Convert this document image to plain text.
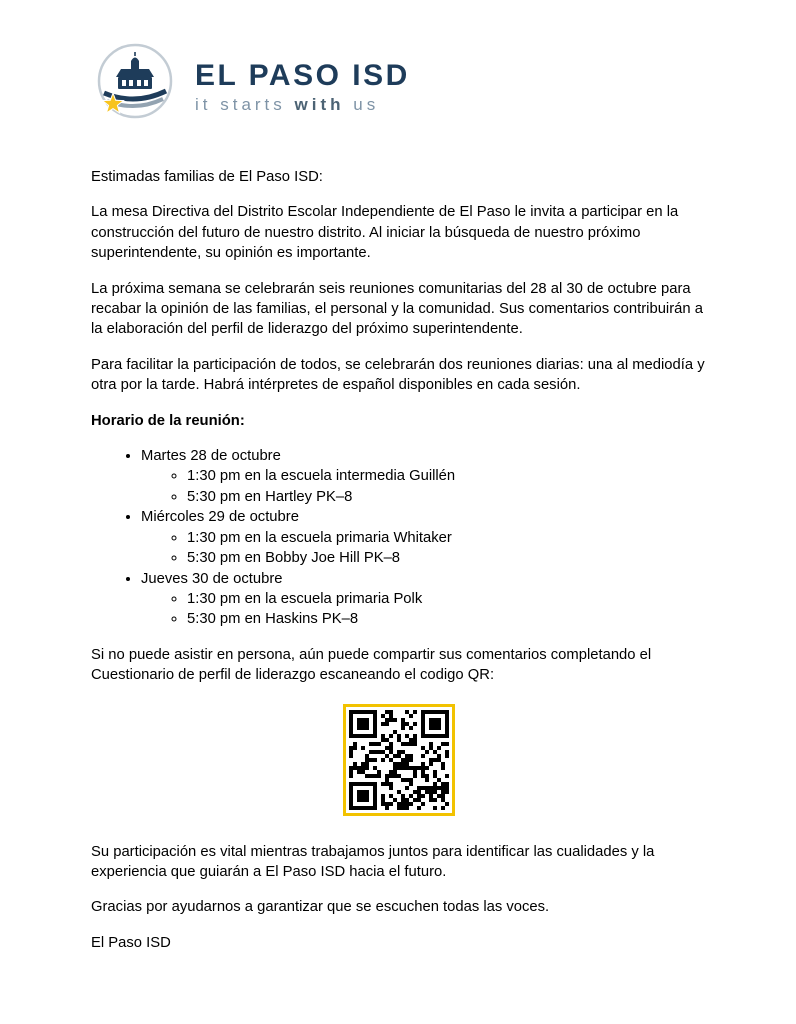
EL PASO ISD
it starts with us

Estimadas familias de El Paso ISD:

La mesa Directiva del Distrito Escolar Independiente de El Paso le invita a participar en la construcción del futuro de nuestro distrito. Al iniciar la búsqueda de nuestro próximo superintendente, su opinión es importante.

La próxima semana se celebrarán seis reuniones comunitarias del 28 al 30 de octubre para recabar la opinión de las familias, el personal y la comunidad. Sus comentarios contribuirán a la elaboración del perfil de liderazgo del próximo superintendente.

Para facilitar la participación de todos, se celebrarán dos reuniones diarias: una al mediodía y otra por la tarde. Habrá intérpretes de español disponibles en cada sesión.

Horario de la reunión:

• Martes 28 de octubre
◦ 1:30 pm en la escuela intermedia Guillén
◦ 5:30 pm en Hartley PK–8
• Miércoles 29 de octubre
◦ 1:30 pm en la escuela primaria Whitaker
◦ 5:30 pm en Bobby Joe Hill PK–8
• Jueves 30 de octubre
◦ 1:30 pm en la escuela primaria Polk
◦ 5:30 pm en Haskins PK–8

Si no puede asistir en persona, aún puede compartir sus comentarios completando el Cuestionario de perfil de liderazgo escaneando el codigo QR:

Su participación es vital mientras trabajamos juntos para identificar las cualidades y la experiencia que guiarán a El Paso ISD hacia el futuro.

Gracias por ayudarnos a garantizar que se escuchen todas las voces.

El Paso ISD
